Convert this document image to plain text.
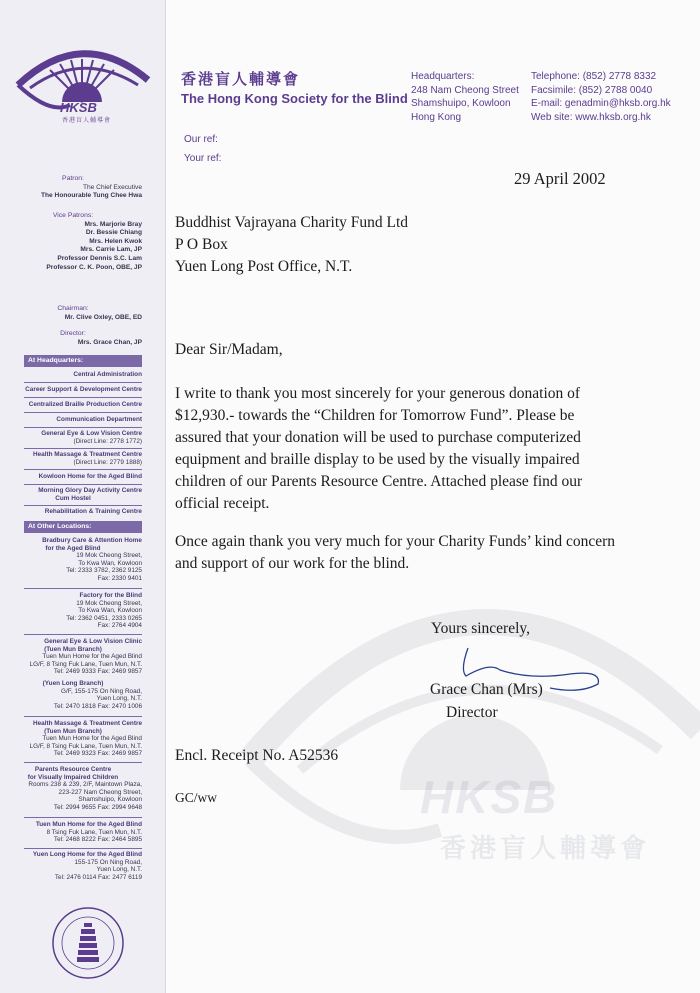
HKSB
香港盲人輔導會
Patron:
The Chief Executive
The Honourable Tung Chee Hwa
Vice Patrons:
Mrs. Marjorie Bray
Dr. Bessie Chiang
Mrs. Helen Kwok
Mrs. Carrie Lam, JP
Professor Dennis S.C. Lam
Professor C. K. Poon, OBE, JP
Chairman:
Mr. Clive Oxley, OBE, ED
Director:
Mrs. Grace Chan, JP
At Headquarters:
Central Administration
Career Support & Development Centre
Centralized Braille Production Centre
Communication Department
General Eye & Low Vision Centre
(Direct Line: 2778 1772)
Health Massage & Treatment Centre
(Direct Line: 2779 1888)
Kowloon Home for the Aged Blind
Morning Glory Day Activity Centre
Cum Hostel
Rehabilitation & Training Centre
At Other Locations:
Bradbury Care & Attention Home
for the Aged Blind
19 Mok Cheong Street,
To Kwa Wan, Kowloon
Tel: 2333 3782, 2362 9125
Fax: 2330 9401
Factory for the Blind
19 Mok Cheong Street,
To Kwa Wan, Kowloon
Tel: 2362 0451, 2333 0265
Fax: 2764 4904
General Eye & Low Vision Clinic
(Tuen Mun Branch)
Tuen Mun Home for the Aged Blind
LG/F, 8 Tsing Fuk Lane, Tuen Mun, N.T.
Tel: 2469 9333 Fax: 2469 9857
(Yuen Long Branch)
G/F, 155-175 On Ning Road,
Yuen Long, N.T.
Tel: 2470 1818 Fax: 2470 1006
Health Massage & Treatment Centre
(Tuen Mun Branch)
Tuen Mun Home for the Aged Blind
LG/F, 8 Tsing Fuk Lane, Tuen Mun, N.T.
Tel: 2469 9323 Fax: 2469 9857
Parents Resource Centre
for Visually Impaired Children
Rooms 238 & 239, 2/F, Maintown Plaza,
223-227 Nam Cheong Street,
Shamshuipo, Kowloon
Tel: 2994 9655 Fax: 2994 9648
Tuen Mun Home for the Aged Blind
8 Tsing Fuk Lane, Tuen Mun, N.T.
Tel: 2468 8222 Fax: 2464 5895
Yuen Long Home for the Aged Blind
155-175 On Ning Road,
Yuen Long, N.T.
Tel: 2476 0114 Fax: 2477 6119
香港盲人輔導會
The Hong Kong Society for the Blind
Headquarters:
248 Nam Cheong Street
Shamshuipo, Kowloon
Hong Kong
Telephone: (852) 2778 8332
Facsimile: (852) 2788 0040
E-mail: genadmin@hksb.org.hk
Web site: www.hksb.org.hk
Our ref:
Your ref:
HKSB
香港盲人輔導會
29 April 2002
Buddhist Vajrayana Charity Fund Ltd
P O Box
Yuen Long Post Office, N.T.
Dear Sir/Madam,
I write to thank you most sincerely for your generous donation of $12,930.- towards the “Children for Tomorrow Fund”. Please be assured that your donation will be used to purchase computerized equipment and braille display to be used by the visually impaired children of our Parents Resource Centre. Attached please find our official receipt.
Once again thank you very much for your Charity Funds’ kind concern and support of our work for the blind.
Yours sincerely,
Grace Chan (Mrs)
Director
Encl. Receipt No. A52536
GC/ww
